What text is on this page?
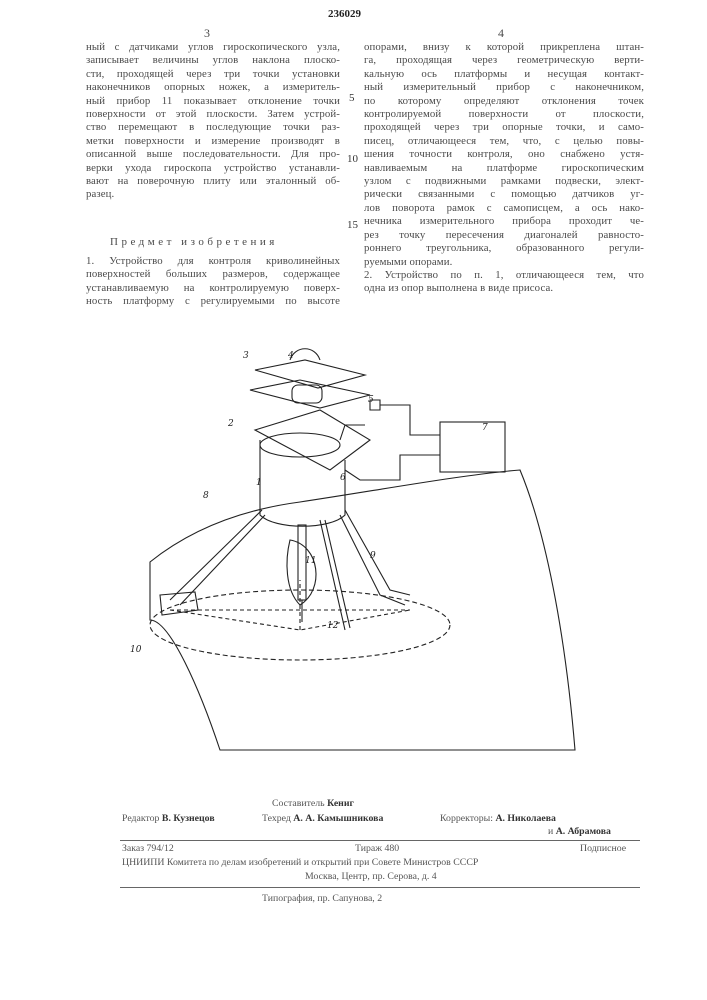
236029
3	4
5
10
15
ный с датчиками углов гироскопического узла,
записывает величины углов наклона плоско-
сти, проходящей через три точки установки
наконечников опорных ножек, а измеритель-
ный прибор 11 показывает отклонение точки
поверхности от этой плоскости. Затем устрой-
ство перемещают в последующие точки раз-
метки поверхности и измерение производят в
описанной выше последовательности. Для про-
верки ухода гироскопа устройство устанавли-
вают на поверочную плиту или эталонный об-
разец.
Предмет изобретения
1. Устройство для контроля криволинейных
поверхностей больших размеров, содержащее
устанавливаемую на контролируемую поверх-
ность платформу с регулируемыми по высоте
опорами, внизу к которой прикреплена штан-
га, проходящая через геометрическую верти-
кальную ось платформы и несущая контакт-
ный измерительный прибор с наконечником,
по которому определяют отклонения точек
контролируемой поверхности от плоскости,
проходящей через три опорные точки, и само-
писец, отличающееся тем, что, с целью повы-
шения точности контроля, оно снабжено устя-
навливаемым на платформе гироскопическим
узлом с подвижными рамками подвески, элект-
рически связанными с помощью датчиков уг-
лов поворота рамок с самописцем, а ось нако-
нечника измерительного прибора проходит че-
рез точку пересечения диагоналей равносто-
роннего треугольника, образованного регули-
руемыми опорами.
2. Устройство по п. 1, отличающееся тем, что
одна из опор выполнена в виде присоса.
3	4
5
7
2
6
1
8
11	9
12
10
Составитель Кениг
Редактор В. Кузнецов	Техред А. А. Камышникова	Корректоры: А. Николаева
и А. Абрамова
Заказ 794/12	Тираж 480	Подписное
ЦНИИПИ Комитета по делам изобретений и открытий при Совете Министров СССР
Москва, Центр, пр. Серова, д. 4
Типография, пр. Сапунова, 2
